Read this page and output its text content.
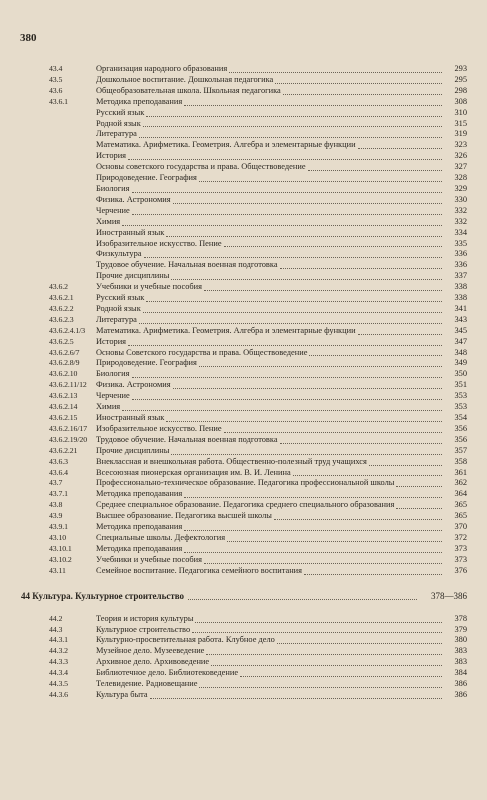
380
43.4	Организация народного образования	293
43.5	Дошкольное воспитание. Дошкольная педагогика	295
43.6	Общеобразовательная школа. Школьная педагогика	298
43.6.1	Методика преподавания	308
Русский язык	310
Родной язык	315
Литература	319
Математика. Арифметика. Геометрия. Алгебра и элементарные функции	323
История	326
Основы советского государства и права. Обществоведение	327
Природоведение. География	328
Биология	329
Физика. Астрономия	330
Черчение	332
Химия	332
Иностранный язык	334
Изобразительное искусство. Пение	335
Физкультура	336
Трудовое обучение. Начальная военная подготовка	336
Прочие дисциплины	337
43.6.2	Учебники и учебные пособия	338
43.6.2.1	Русский язык	338
43.6.2.2	Родной язык	341
43.6.2.3	Литература	343
43.6.2.4.1/3 Математика. Арифметика. Геометрия. Алгебра и элементарные функции	345
43.6.2.5	История	347
43.6.2.6/7 Основы Советского государства и права. Обществоведение	348
43.6.2.8/9 Природоведение. География	349
43.6.2.10 Биология	350
43.6.2.11/12 Физика. Астрономия	351
43.6.2.13 Черчение	353
43.6.2.14 Химия	353
43.6.2.15 Иностранный язык	354
43.6.2.16/17 Изобразительное искусство. Пение	356
43.6.2.19/20 Трудовое обучение. Начальная военная подготовка	356
43.6.2.21 Прочие дисциплины	357
43.6.3	Внеклассная и внешкольная работа. Общественно-полезный труд учащихся	358
43.6.4	Всесоюзная пионерская организация им. В. И. Ленина	361
43.7	Профессионально-техническое образование. Педагогика профессиональной школы	362
43.7.1	Методика преподавания	364
43.8	Среднее специальное образование. Педагогика среднего специального образования	365
43.9	Высшее образование. Педагогика высшей школы	365
43.9.1	Методика преподавания	370
43.10	Специальные школы. Дефектология	372
43.10.1	Методика преподавания	373
43.10.2	Учебники и учебные пособия	373
43.11	Семейное воспитание. Педагогика семейного воспитания	376
44 Культура. Культурное строительство	378—386
44.2	Теория и история культуры	378
44.3	Культурное строительство	379
44.3.1	Культурно-просветительная работа. Клубное дело	380
44.3.2	Музейное дело. Музееведение	383
44.3.3	Архивное дело. Архивоведение	383
44.3.4	Библиотечное дело. Библиотековедение	384
44.3.5	Телевидение. Радиовещание	386
44.3.6	Культура быта	386
